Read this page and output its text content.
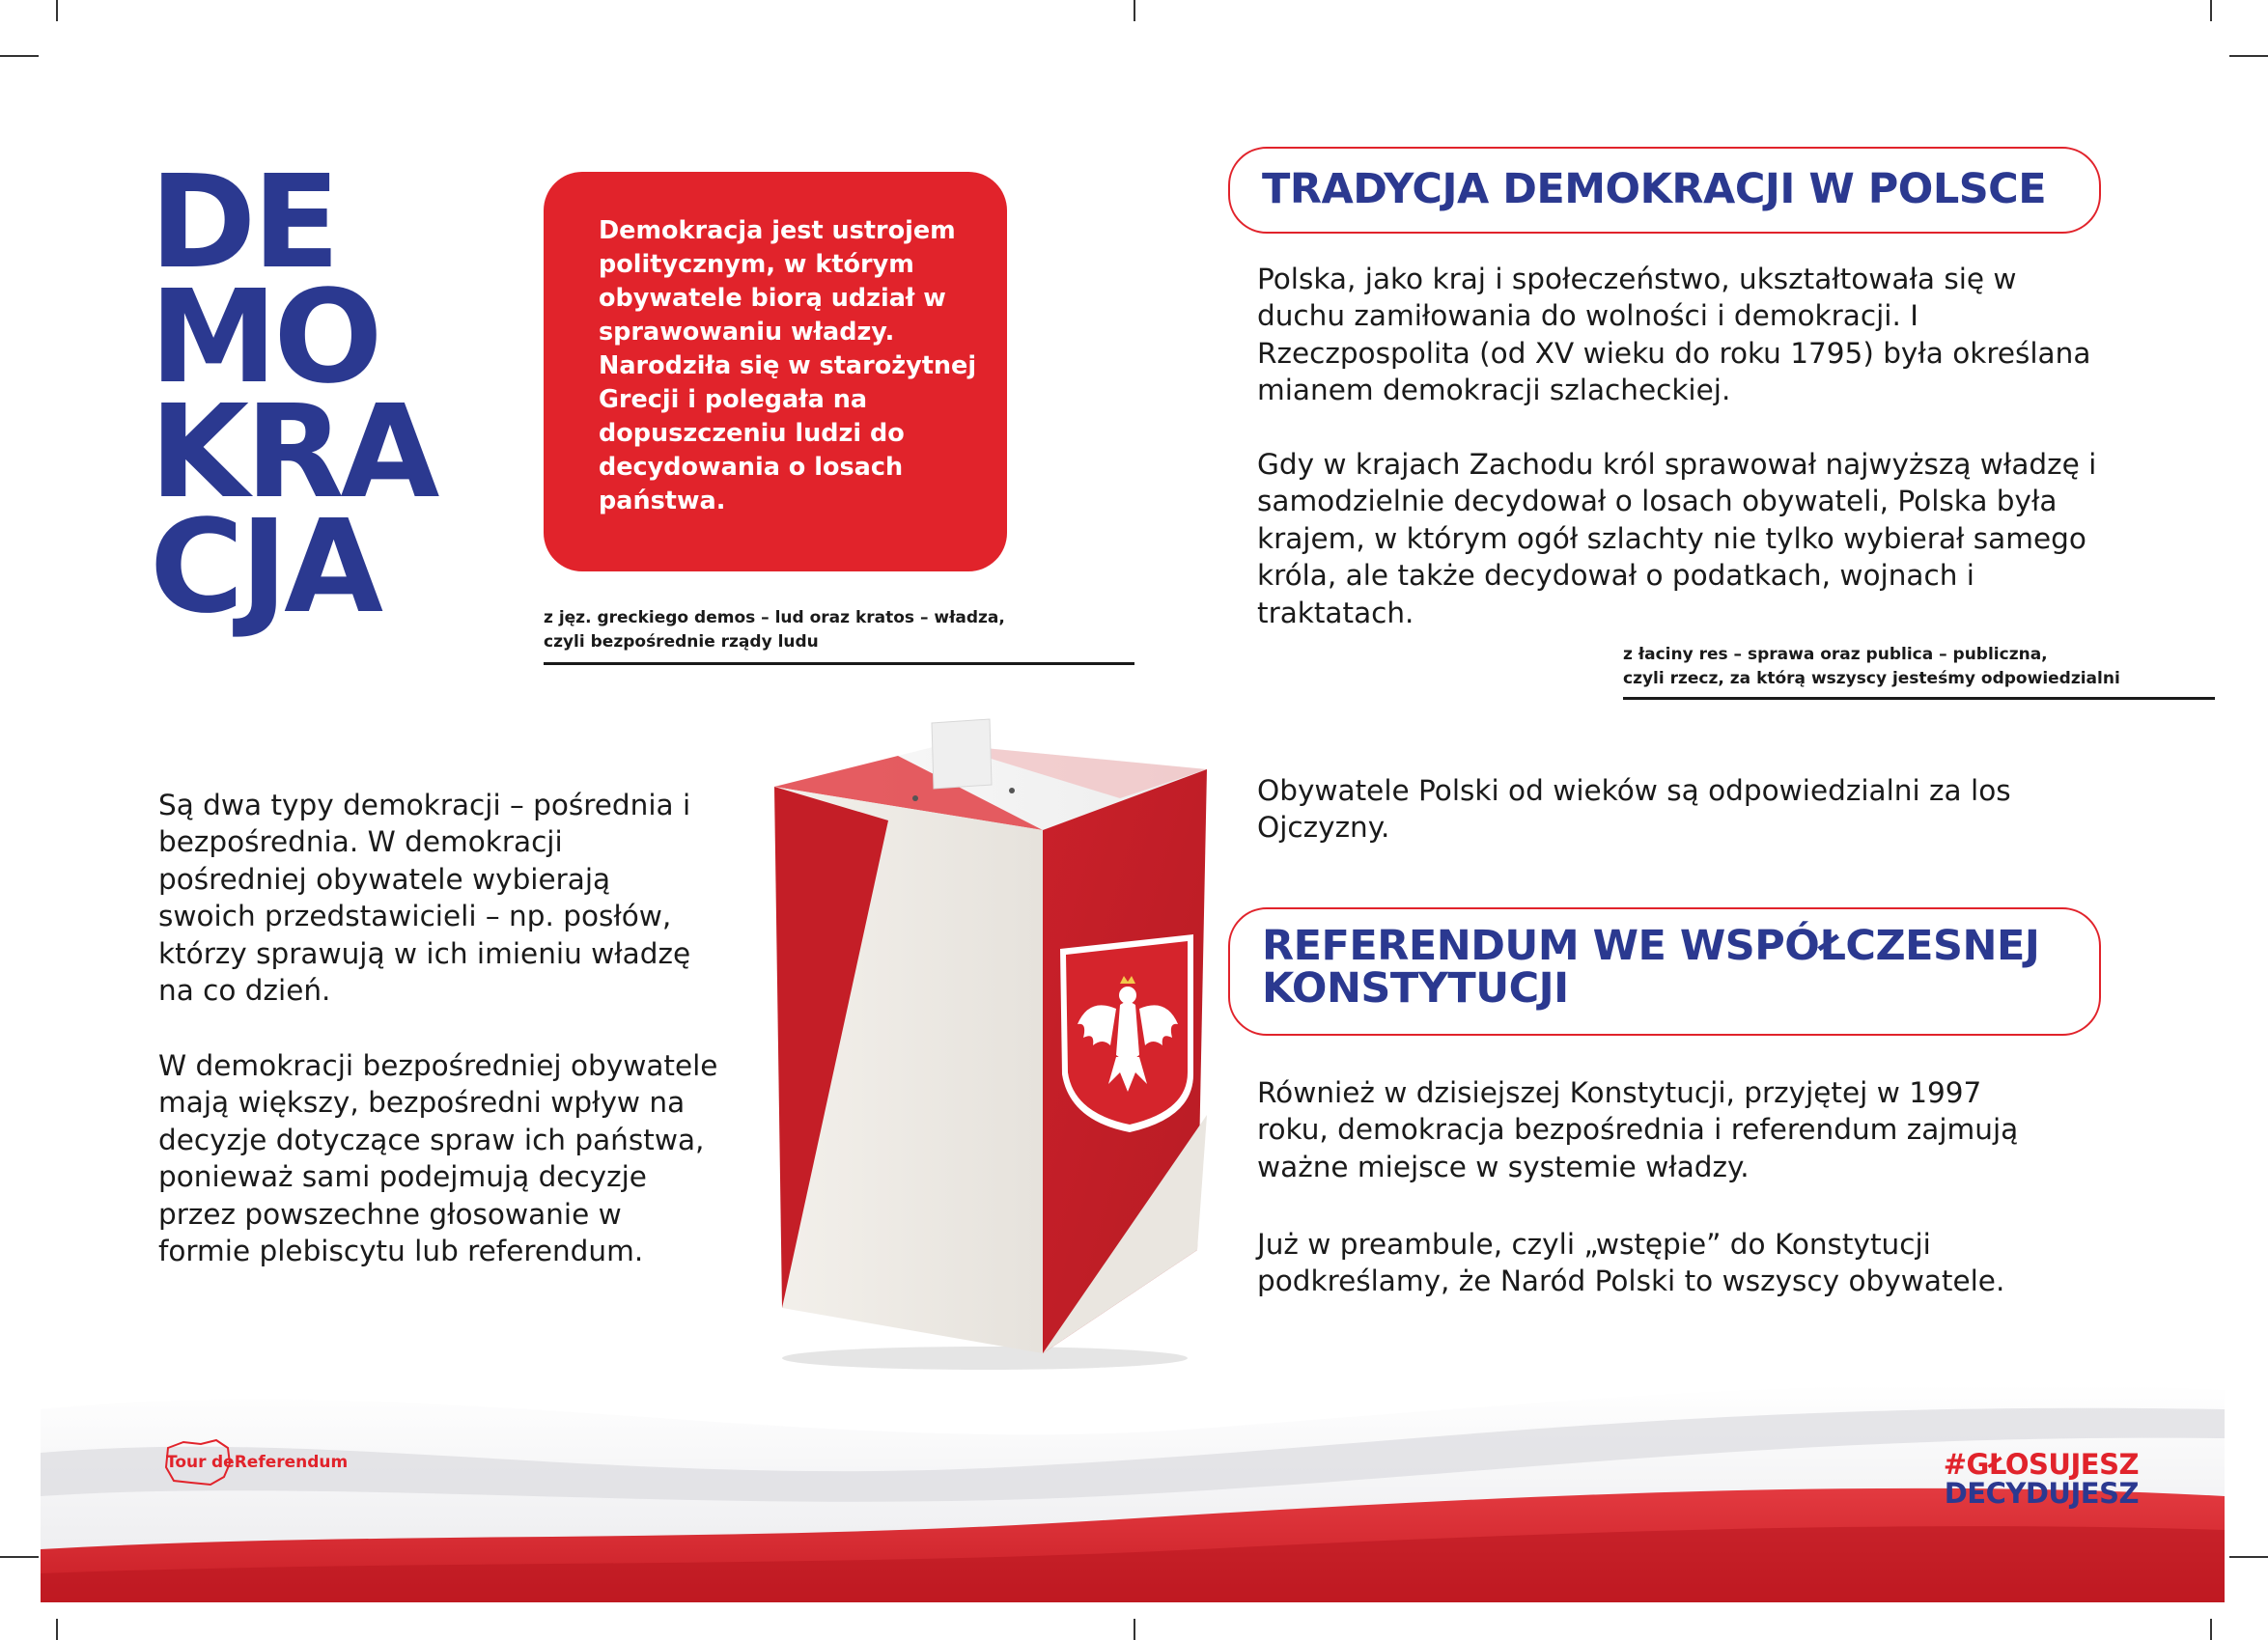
DE
MO
KRA
CJA
Demokracja jest ustrojem politycznym, w którym obywatele biorą udział w sprawowaniu władzy. Narodziła się w starożytnej Grecji i polegała na dopuszczeniu ludzi do decydowania o losach państwa.
z jęz. greckiego demos – lud oraz kratos – władza,
czyli bezpośrednie rządy ludu
TRADYCJA DEMOKRACJI W POLSCE
Polska, jako kraj i społeczeństwo, ukształtowała się w duchu zamiłowania do wolności i demokracji. I Rzeczpospolita (od XV wieku do roku 1795) była określana mianem demokracji szlacheckiej.
Gdy w krajach Zachodu król sprawował najwyższą władzę i samodzielnie decydował o losach obywateli, Polska była krajem, w którym ogół szlachty nie tylko wybierał samego króla, ale także decydował o podatkach, wojnach i traktatach.
z łaciny res – sprawa oraz publica – publiczna,
czyli rzecz, za którą wszyscy jesteśmy odpowiedzialni
Są dwa typy demokracji – pośrednia i bezpośrednia. W demokracji pośredniej obywatele wybierają swoich przedstawicieli – np. posłów, którzy sprawują w ich imieniu władzę na co dzień.
W demokracji bezpośredniej obywatele mają większy, bezpośredni wpływ na decyzje dotyczące spraw ich państwa, ponieważ sami podejmują decyzje przez powszechne głosowanie w formie plebiscytu lub referendum.
Obywatele Polski od wieków są odpowiedzialni za los Ojczyzny.
REFERENDUM WE WSPÓŁCZESNEJ
KONSTYTUCJI
Również w dzisiejszej Konstytucji, przyjętej w 1997 roku, demokracja bezpośrednia i referendum zajmują ważne miejsce w systemie władzy.
Już w preambule, czyli „wstępie” do Konstytucji podkreślamy, że Naród Polski to wszyscy obywatele.
Tour deReferendum	#GŁOSUJESZ
DECYDUJESZ
